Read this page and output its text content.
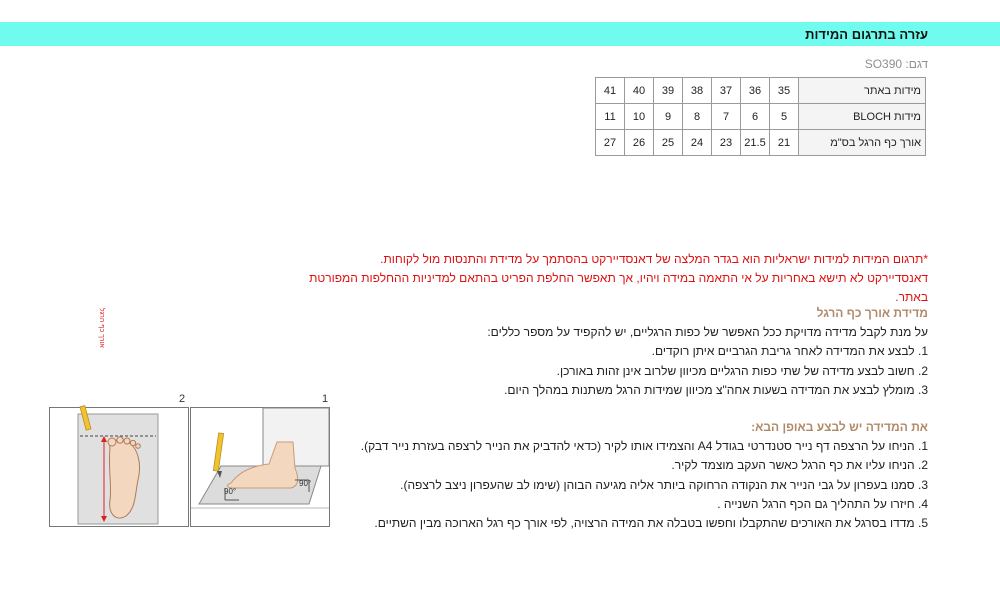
עזרה בתרגום המידות
דגם: SO390
41	40	39	38	37	36	35	מידות באתר
11	10	9	8	7	6	5	מידות BLOCH
27	26	25	24	23	21.5	21	אורך כף הרגל בס"מ
*תרגום המידות למידות ישראליות הוא בגדר המלצה של דאנסדיירקט בהסתמך על מדידת והתנסות מול לקוחות.
דאנסדיירקט לא תישא באחריות על אי התאמה במידה ויהיו, אך תאפשר החלפת הפריט בהתאם למדיניות ההחלפות המפורטת באתר.
מדידת אורך כף הרגל

על מנת לקבל מדידה מדויקת ככל האפשר של כפות הרגליים, יש להקפיד על מספר כללים:

1. לבצע את המדידה לאחר גריבת הגרביים איתן רוקדים.

2. חשוב לבצע מדידה של שתי כפות הרגליים מכיוון שלרוב אינן זהות באורכן.

3. מומלץ לבצע את המדידה בשעות אחה"צ מכיוון שמידות הרגל משתנות במהלך היום.

את המדידה יש לבצע באופן הבא:

1. הניחו על הרצפה דף נייר סטנדרטי בגודל A4 והצמידו אותו לקיר (כדאי להדביק את הנייר לרצפה בעזרת נייר דבק).

2. הניחו עליו את כף הרגל כאשר העקב מוצמד לקיר.

3. סמנו בעפרון על גבי הנייר את הנקודה הרחוקה ביותר אליה מגיעה הבוהן (שימו לב שהעפרון ניצב לרצפה).

4. חיזרו על התהליך גם הכף הרגל השנייה .

5. מדדו בסרגל את האורכים שהתקבלו וחפשו בטבלה את המידה הרצויה, לפי אורך כף רגל הארוכה מבין השתיים.

1
2
90°
90°
אורך כף הרגל
